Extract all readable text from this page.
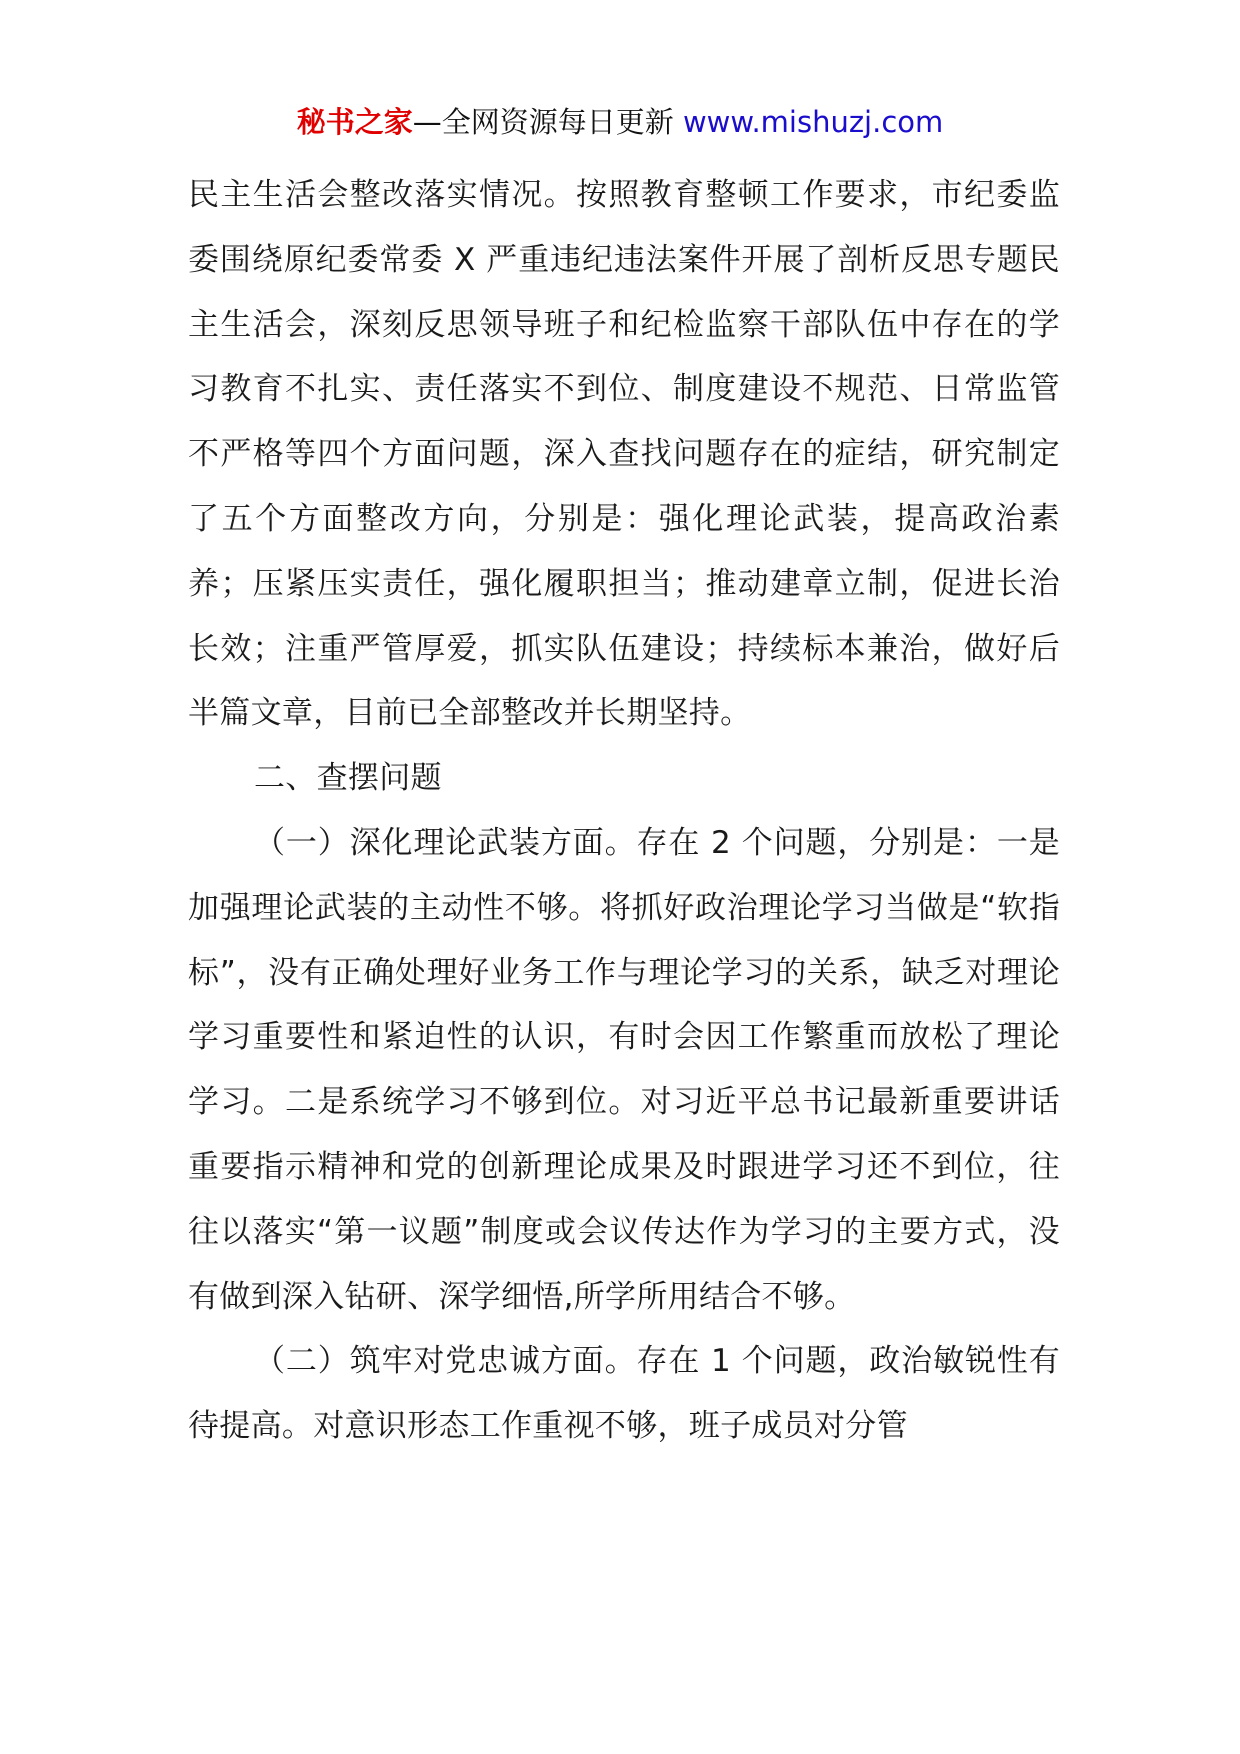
秘书之家—全网资源每日更新 www.mishuzj.com

民主生活会整改落实情况。按照教育整顿工作要求，市纪委监委围绕原纪委常委 X 严重违纪违法案件开展了剖析反思专题民主生活会，深刻反思领导班子和纪检监察干部队伍中存在的学习教育不扎实、责任落实不到位、制度建设不规范、日常监管不严格等四个方面问题，深入查找问题存在的症结，研究制定了五个方面整改方向，分别是：强化理论武装，提高政治素养；压紧压实责任，强化履职担当；推动建章立制，促进长治长效；注重严管厚爱，抓实队伍建设；持续标本兼治，做好后半篇文章，目前已全部整改并长期坚持。

二、查摆问题

（一）深化理论武装方面。存在 2 个问题，分别是：一是加强理论武装的主动性不够。将抓好政治理论学习当做是“软指标”，没有正确处理好业务工作与理论学习的关系，缺乏对理论学习重要性和紧迫性的认识，有时会因工作繁重而放松了理论学习。二是系统学习不够到位。对习近平总书记最新重要讲话重要指示精神和党的创新理论成果及时跟进学习还不到位，往往以落实“第一议题”制度或会议传达作为学习的主要方式，没有做到深入钻研、深学细悟,所学所用结合不够。

（二）筑牢对党忠诚方面。存在 1 个问题，政治敏锐性有待提高。对意识形态工作重视不够，班子成员对分管
